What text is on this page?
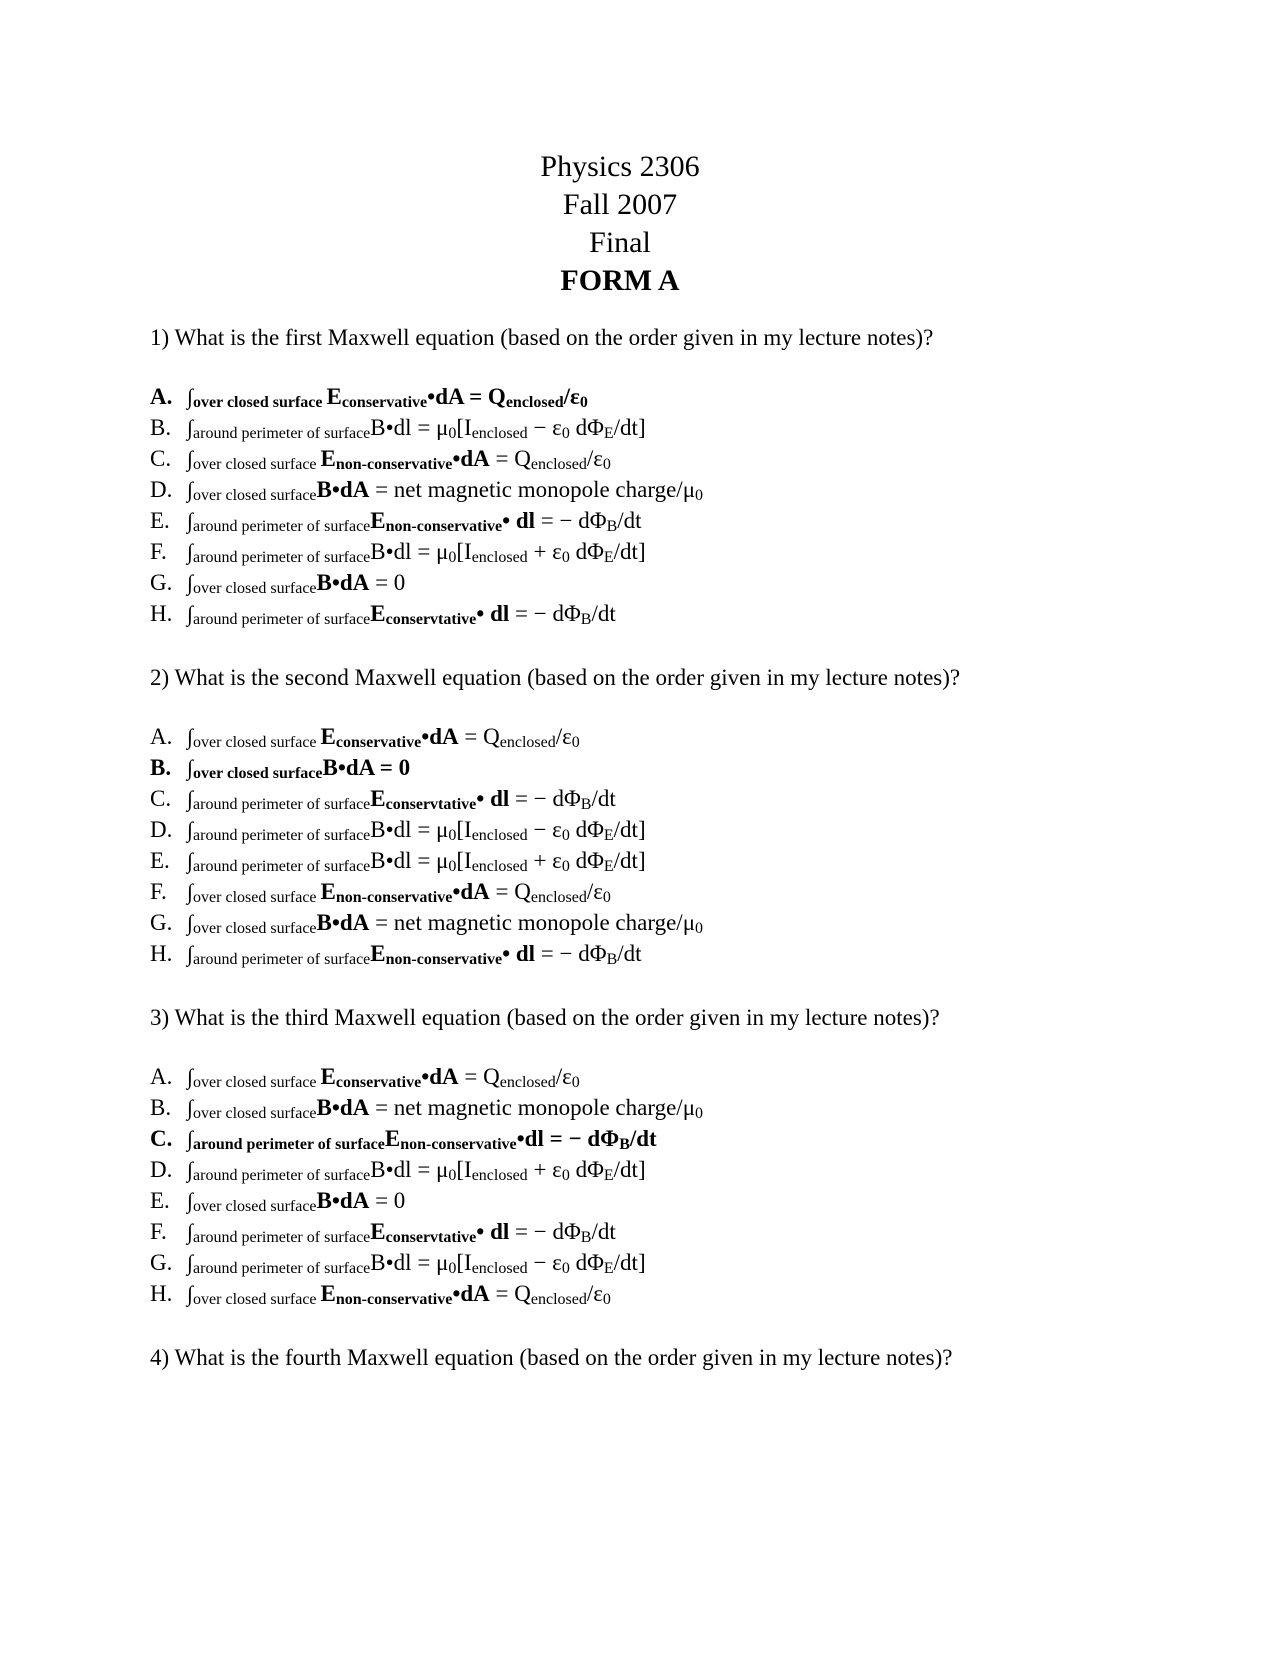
Physics 2306
Fall 2007
Final
FORM A
1) What is the first Maxwell equation (based on the order given in my lecture notes)?
A. ∫over closed surface Econservative•dA = Qenclosed/ε0
B. ∫around perimeter of surfaceB•dl = μ0[Ienclosed − ε0 dΦE/dt]
C. ∫over closed surface Enon-conservative•dA = Qenclosed/ε0
D. ∫over closed surfaceB•dA = net magnetic monopole charge/μ0
E. ∫around perimeter of surfaceEnon-conservative• dl = − dΦB/dt
F. ∫around perimeter of surfaceB•dl = μ0[Ienclosed + ε0 dΦE/dt]
G. ∫over closed surfaceB•dA = 0
H. ∫around perimeter of surfaceEconservtative• dl = − dΦB/dt
2) What is the second Maxwell equation (based on the order given in my lecture notes)?
A. ∫over closed surface Econservative•dA = Qenclosed/ε0
B. ∫over closed surfaceB•dA = 0
C. ∫around perimeter of surfaceEconservtative• dl = − dΦB/dt
D. ∫around perimeter of surfaceB•dl = μ0[Ienclosed − ε0 dΦE/dt]
E. ∫around perimeter of surfaceB•dl = μ0[Ienclosed + ε0 dΦE/dt]
F. ∫over closed surface Enon-conservative•dA = Qenclosed/ε0
G. ∫over closed surfaceB•dA = net magnetic monopole charge/μ0
H. ∫around perimeter of surfaceEnon-conservative• dl = − dΦB/dt
3) What is the third Maxwell equation (based on the order given in my lecture notes)?
A. ∫over closed surface Econservative•dA = Qenclosed/ε0
B. ∫over closed surfaceB•dA = net magnetic monopole charge/μ0
C. ∫around perimeter of surfaceEnon-conservative•dl = − dΦB/dt
D. ∫around perimeter of surfaceB•dl = μ0[Ienclosed + ε0 dΦE/dt]
E. ∫over closed surfaceB•dA = 0
F. ∫around perimeter of surfaceEconservtative• dl = − dΦB/dt
G. ∫around perimeter of surfaceB•dl = μ0[Ienclosed − ε0 dΦE/dt]
H. ∫over closed surface Enon-conservative•dA = Qenclosed/ε0
4) What is the fourth Maxwell equation (based on the order given in my lecture notes)?
